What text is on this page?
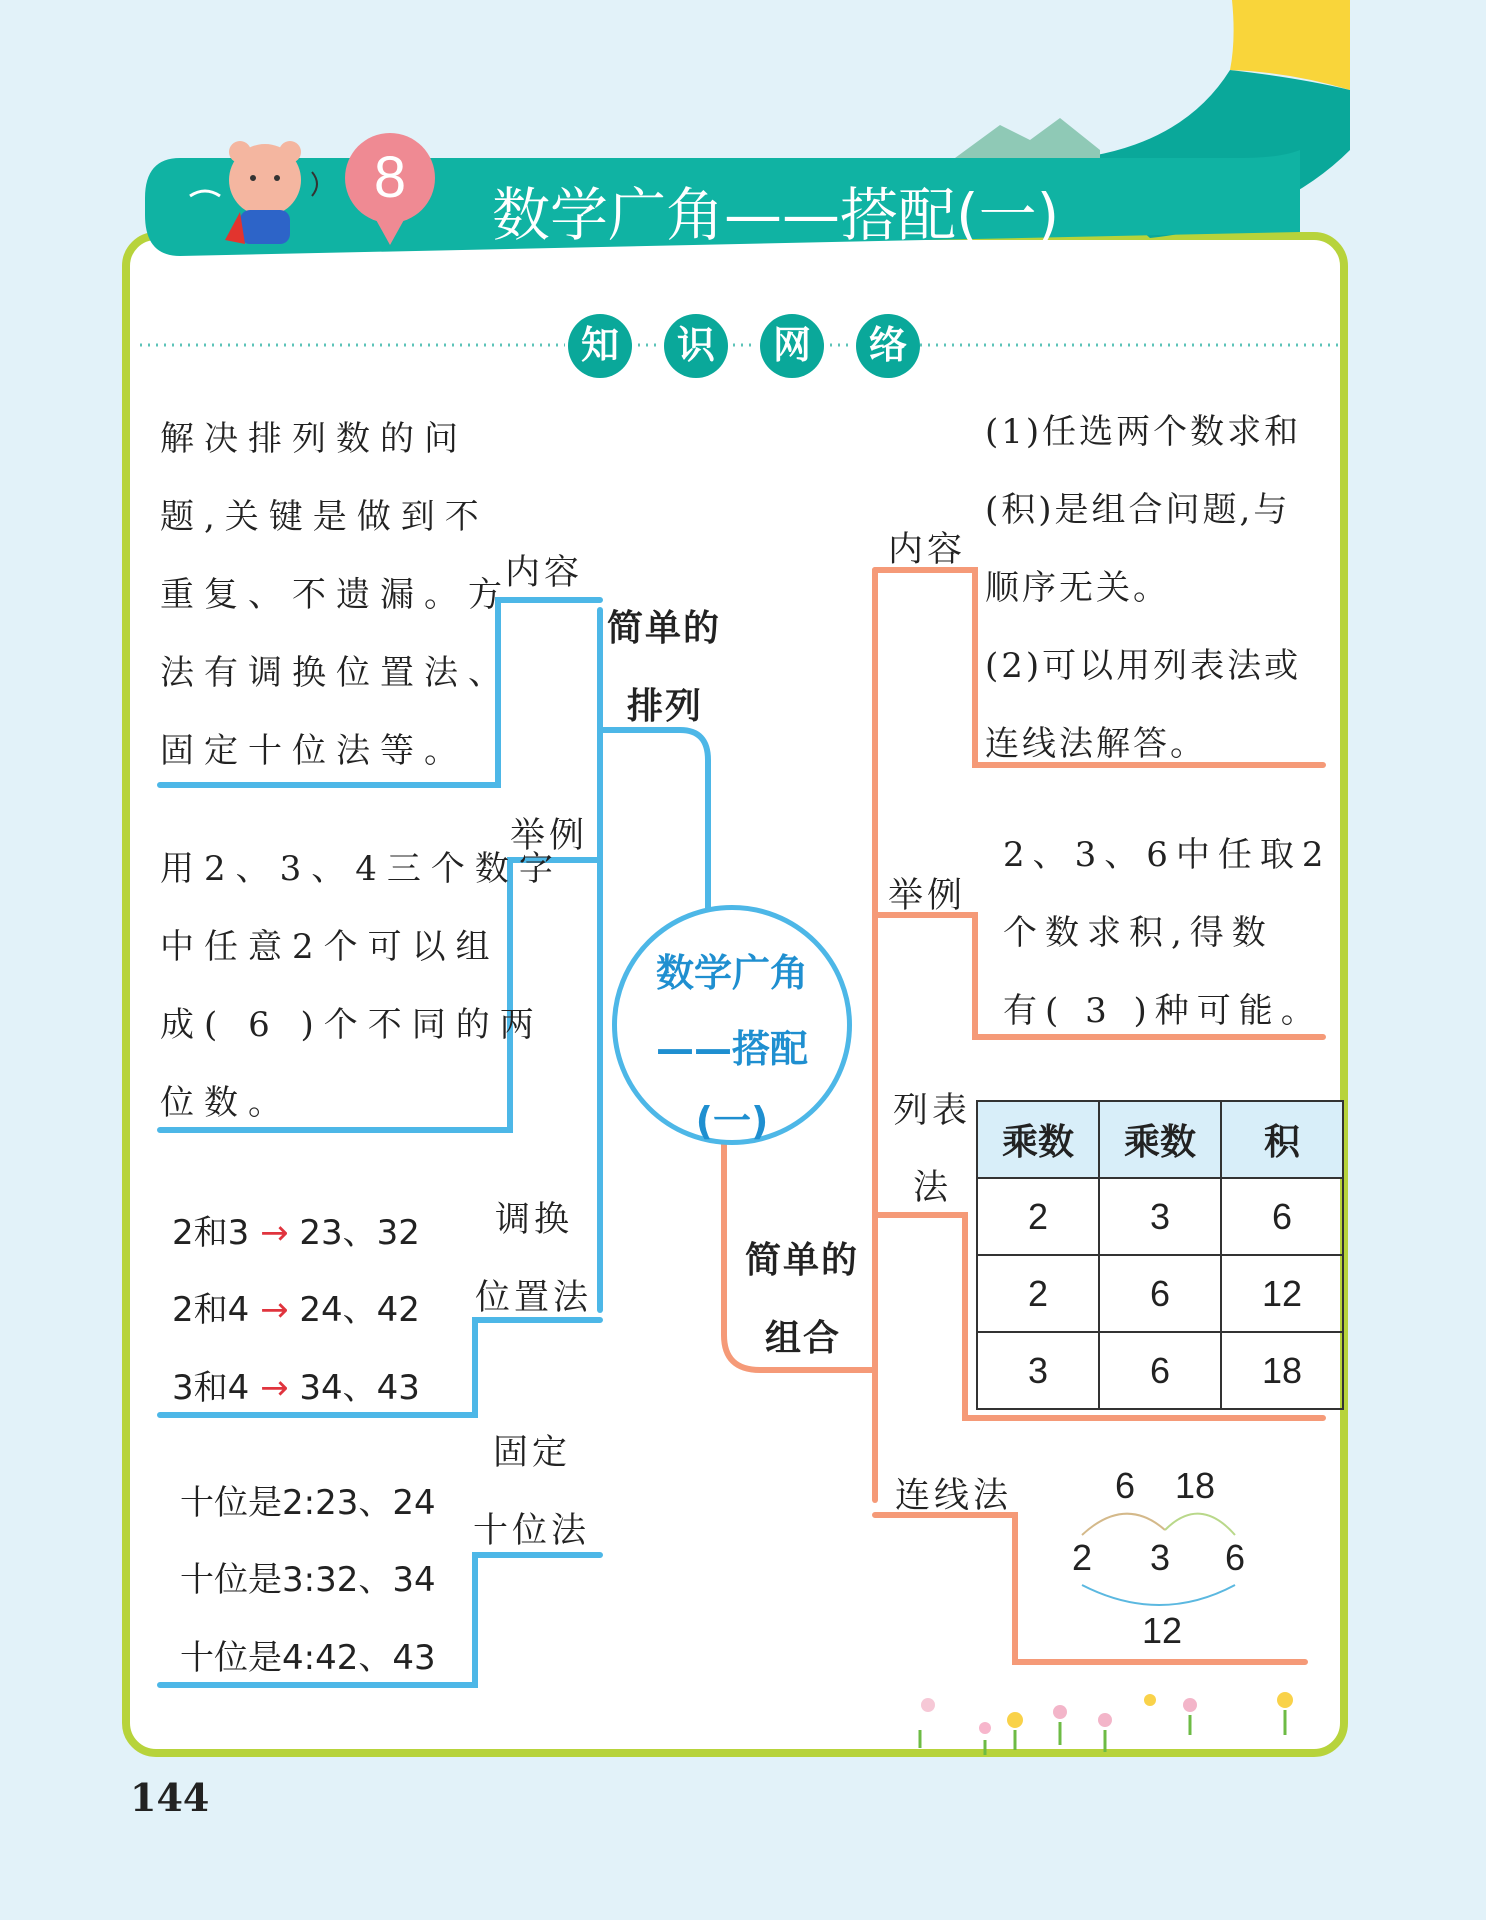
8
数学广角——搭配(一)
知	识	网	络
解决排列数的问
题,关键是做到不
重复、不遗漏。方
法有调换位置法、
固定十位法等。
内容
简单的
排列
举例
用2、3、4三个数字
中任意2个可以组
成( 6 )个不同的两
位数。
调换
位置法
2和3 → 23、32
2和4 → 24、42
3和4 → 34、43
固定
十位法
十位是2:23、24
十位是3:32、34
十位是4:42、43
数学广角
——搭配
(一)
简单的
组合
内容
(1)任选两个数求和
(积)是组合问题,与
顺序无关。
(2)可以用列表法或
连线法解答。
举例
2、3、6中任取2
个数求积,得数
有( 3 )种可能。
列表
法
乘数	乘数	积
2	3	6
2	6	12
3	6	18
连线法	6 18
2 3 6
12
144
